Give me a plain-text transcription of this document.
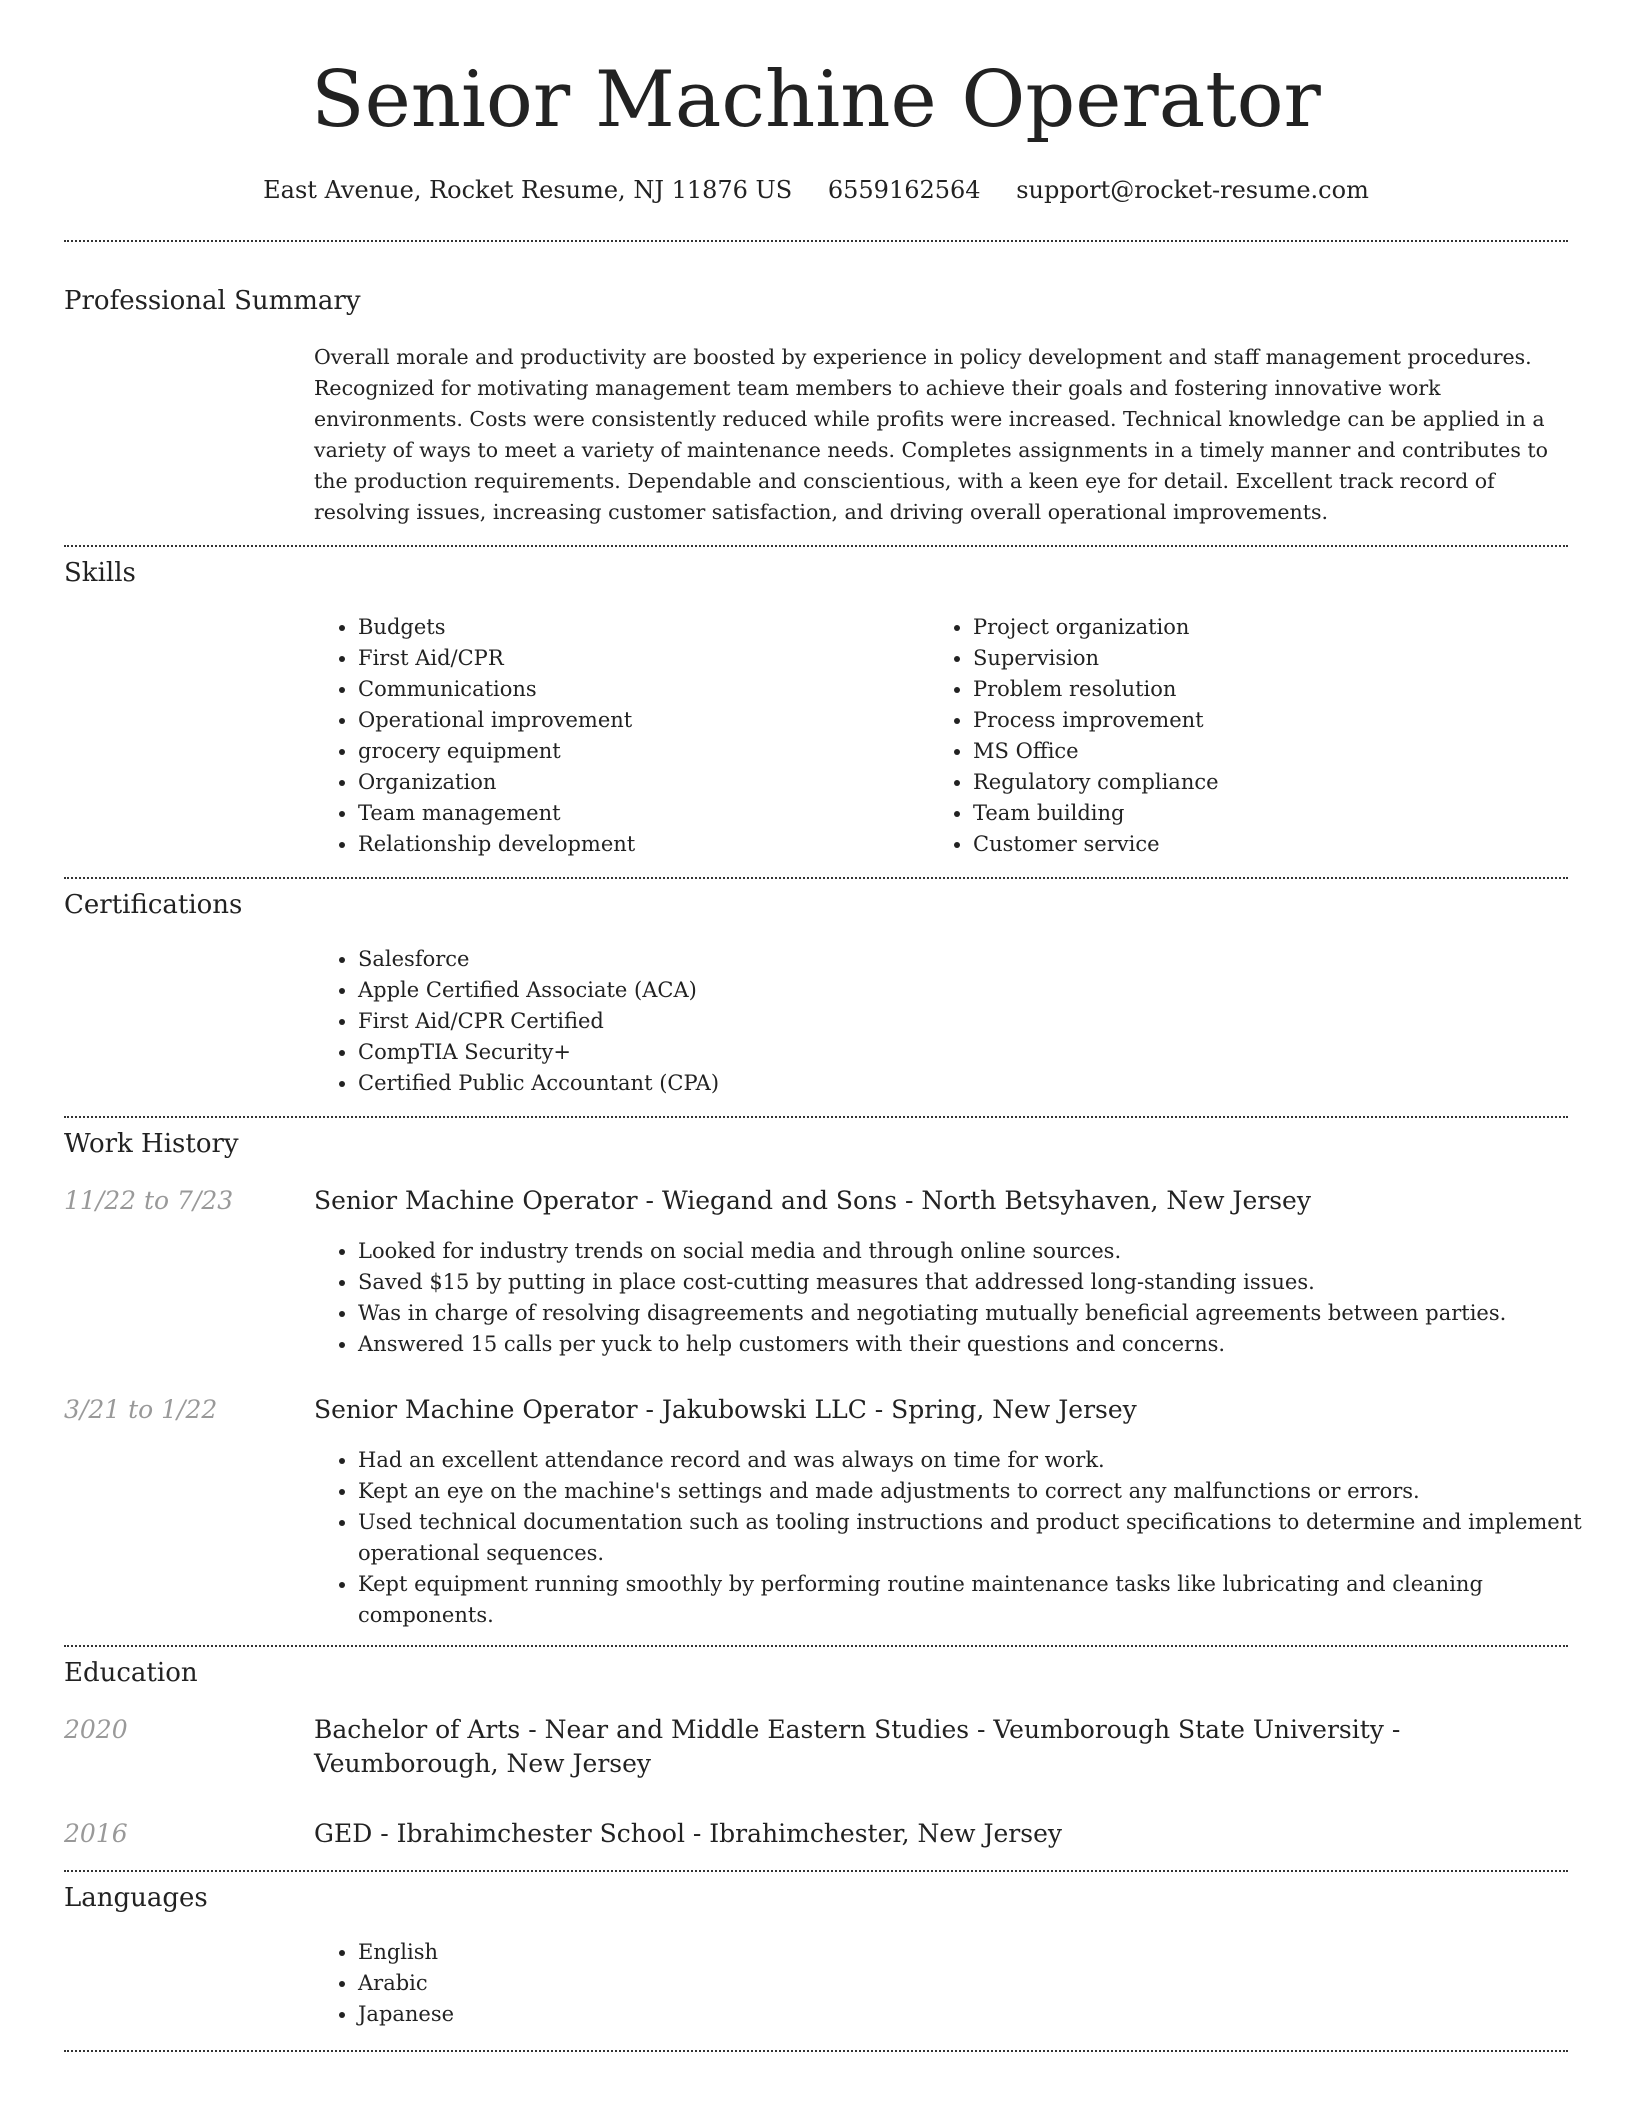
Senior Machine Operator
East Avenue, Rocket Resume, NJ 11876 US 6559162564 support@rocket-resume.com
Professional Summary

Overall morale and productivity are boosted by experience in policy development and staff management procedures. Recognized for motivating management team members to achieve their goals and fostering innovative work environments. Costs were consistently reduced while profits were increased. Technical knowledge can be applied in a variety of ways to meet a variety of maintenance needs. Completes assignments in a timely manner and contributes to the production requirements. Dependable and conscientious, with a keen eye for detail. Excellent track record of resolving issues, increasing customer satisfaction, and driving overall operational improvements.

Skills
• Budgets
• First Aid/CPR
• Communications
• Operational improvement
• grocery equipment
• Organization
• Team management
• Relationship development
• Project organization
• Supervision
• Problem resolution
• Process improvement
• MS Office
• Regulatory compliance
• Team building
• Customer service
Certifications
• Salesforce
• Apple Certified Associate (ACA)
• First Aid/CPR Certified
• CompTIA Security+
• Certified Public Accountant (CPA)
Work History
11/22 to 7/23	Senior Machine Operator - Wiegand and Sons - North Betsyhaven, New Jersey
• Looked for industry trends on social media and through online sources.
• Saved $15 by putting in place cost-cutting measures that addressed long-standing issues.
• Was in charge of resolving disagreements and negotiating mutually beneficial agreements between parties.
• Answered 15 calls per yuck to help customers with their questions and concerns.
3/21 to 1/22	Senior Machine Operator - Jakubowski LLC - Spring, New Jersey
• Had an excellent attendance record and was always on time for work.
• Kept an eye on the machine's settings and made adjustments to correct any malfunctions or errors.
• Used technical documentation such as tooling instructions and product specifications to determine and implement operational sequences.
• Kept equipment running smoothly by performing routine maintenance tasks like lubricating and cleaning components.
Education
2020	Bachelor of Arts - Near and Middle Eastern Studies - Veumborough State University - Veumborough, New Jersey
2016	GED - Ibrahimchester School - Ibrahimchester, New Jersey
Languages
• English
• Arabic
• Japanese
